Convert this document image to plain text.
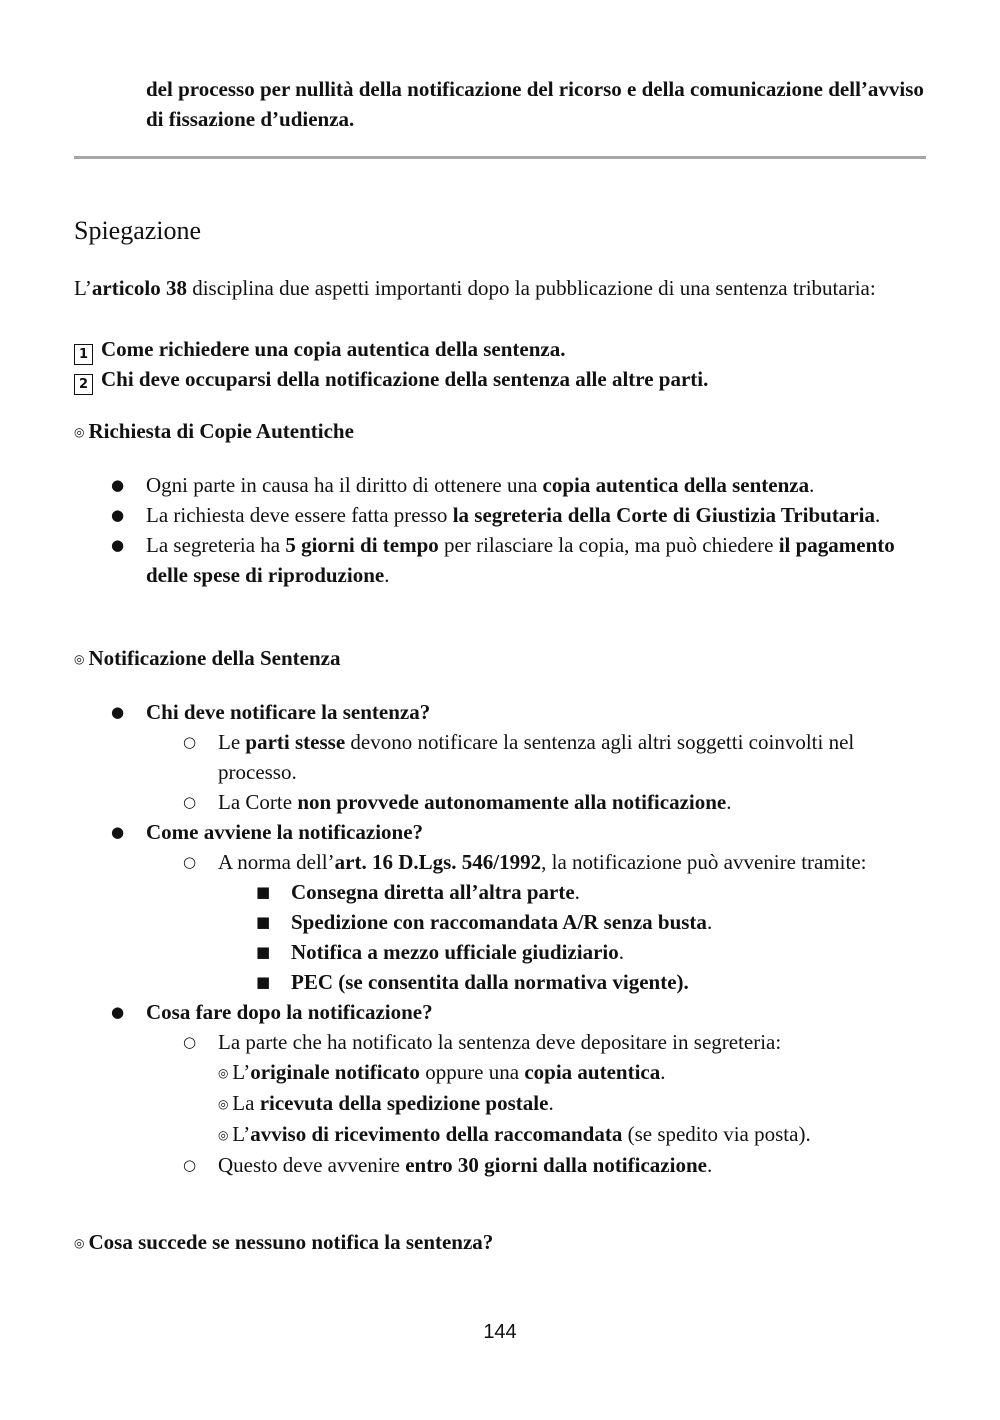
del processo per nullità della notificazione del ricorso e della comunicazione dell’avviso di fissazione d’udienza.
Spiegazione
L’articolo 38 disciplina due aspetti importanti dopo la pubblicazione di una sentenza tributaria:
1 Come richiedere una copia autentica della sentenza.
2 Chi deve occuparsi della notificazione della sentenza alle altre parti.
◎ Richiesta di Copie Autentiche
● Ogni parte in causa ha il diritto di ottenere una copia autentica della sentenza.
● La richiesta deve essere fatta presso la segreteria della Corte di Giustizia Tributaria.
● La segreteria ha 5 giorni di tempo per rilasciare la copia, ma può chiedere il pagamento delle spese di riproduzione.
◎ Notificazione della Sentenza
● Chi deve notificare la sentenza?
○ Le parti stesse devono notificare la sentenza agli altri soggetti coinvolti nel processo.
○ La Corte non provvede autonomamente alla notificazione.
● Come avviene la notificazione?
○ A norma dell’art. 16 D.Lgs. 546/1992, la notificazione può avvenire tramite:
■ Consegna diretta all’altra parte.
■ Spedizione con raccomandata A/R senza busta.
■ Notifica a mezzo ufficiale giudiziario.
■ PEC (se consentita dalla normativa vigente).
● Cosa fare dopo la notificazione?
○ La parte che ha notificato la sentenza deve depositare in segreteria:
◎ L’originale notificato oppure una copia autentica.
◎ La ricevuta della spedizione postale.
◎ L’avviso di ricevimento della raccomandata (se spedito via posta).
○ Questo deve avvenire entro 30 giorni dalla notificazione.
◎ Cosa succede se nessuno notifica la sentenza?
144
